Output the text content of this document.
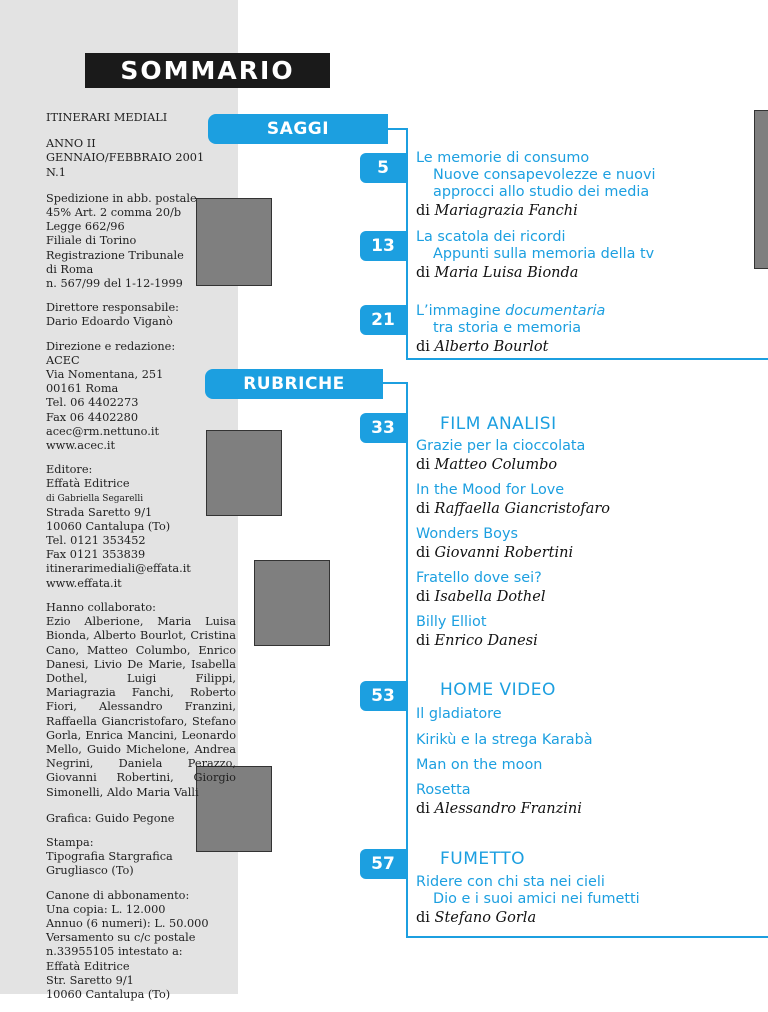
SOMMARIO

ITINERARI MEDIALI

ANNO II
GENNAIO/FEBBRAIO 2001
N.1

Spedizione in abb. postale
45% Art. 2 comma 20/b
Legge 662/96
Filiale di Torino
Registrazione Tribunale
di Roma
n. 567/99 del 1-12-1999

Direttore responsabile:
Dario Edoardo Viganò

Direzione e redazione:
ACEC
Via Nomentana, 251
00161 Roma
Tel. 06 4402273
Fax 06 4402280
acec@rm.nettuno.it
www.acec.it

Editore:
Effatà Editrice

di Gabriella Segarelli

Strada Saretto 9/1
10060 Cantalupa (To)
Tel. 0121 353452
Fax 0121 353839
itinerarimediali@effata.it
www.effata.it

Hanno collaborato:
Ezio Alberione, Maria Luisa Bionda, Alberto Bourlot, Cristina Cano, Matteo Columbo, Enrico Danesi, Livio De Marie, Isabella Dothel, Luigi Filippi, Mariagrazia Fanchi, Roberto Fiori, Alessandro Franzini, Raffaella Giancristofaro, Stefano Gorla, Enrica Mancini, Leonardo Mello, Guido Michelone, Andrea Negrini, Daniela Perazzo, Giovanni Robertini, Giorgio Simonelli, Aldo Maria Valli

Grafica: Guido Pegone

Stampa:
Tipografia Stargrafica
Grugliasco (To)

Canone di abbonamento:
Una copia: L. 12.000
Annuo (6 numeri): L. 50.000
Versamento su c/c postale
n.33955105 intestato a:
Effatà Editrice
Str. Saretto 9/1
10060 Cantalupa (To)

SAGGI
RUBRICHE
5
13
21
33
53
57
Le memorie di consumo
Nuove consapevolezze e nuovi
approcci allo studio dei media
di Mariagrazia Fanchi
La scatola dei ricordi
Appunti sulla memoria della tv
di Maria Luisa Bionda
L’immagine documentaria
tra storia e memoria
di Alberto Bourlot
FILM ANALISI
Grazie per la cioccolata
di Matteo Columbo
In the Mood for Love
di Raffaella Giancristofaro
Wonders Boys
di Giovanni Robertini
Fratello dove sei?
di Isabella Dothel
Billy Elliot
di Enrico Danesi
HOME VIDEO
Il gladiatore
Kirikù e la strega Karabà
Man on the moon
Rosetta
di Alessandro Franzini
FUMETTO
Ridere con chi sta nei cieli
Dio e i suoi amici nei fumetti
di Stefano Gorla
